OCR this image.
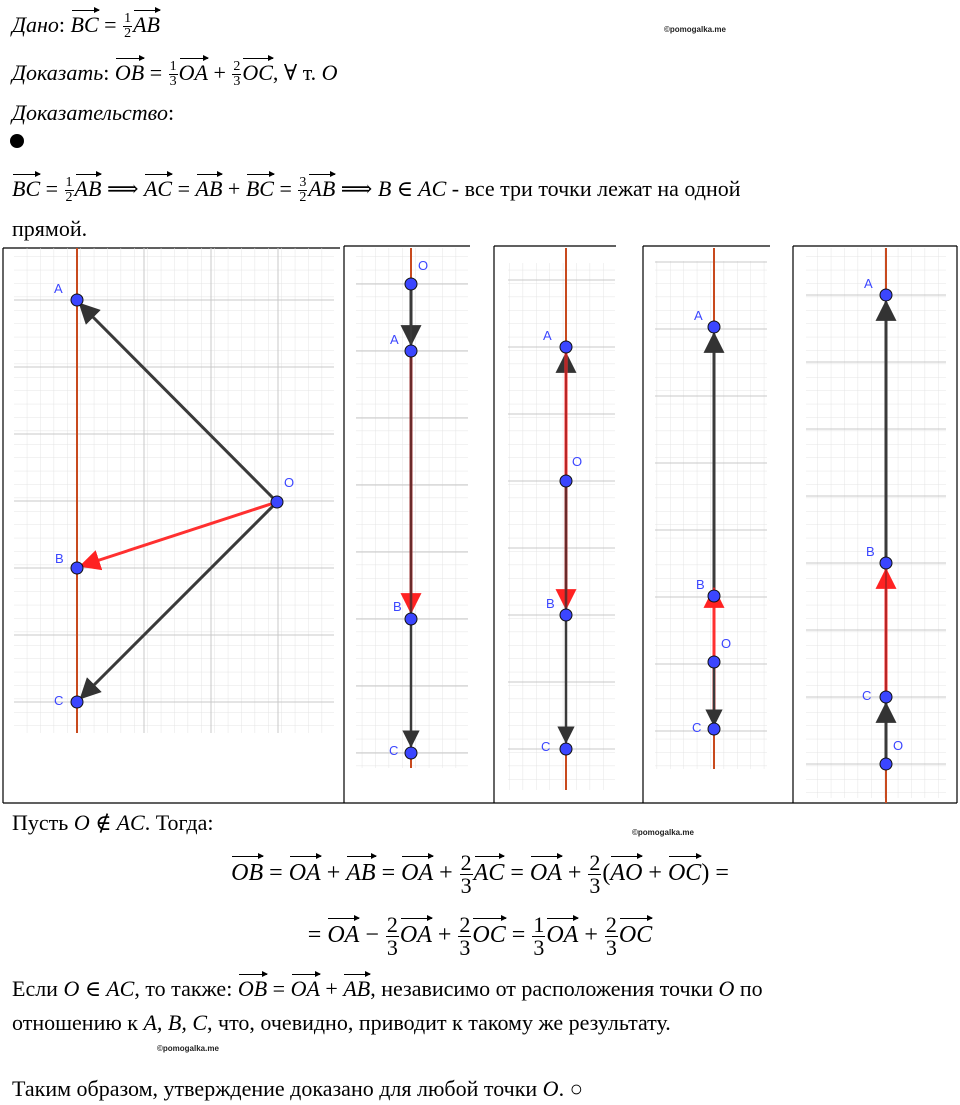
Дано: BC = $\frac{1}{2}$ AB	©pomogalka.me
Доказать: OB = $\frac{1}{3}$ OA + $\frac{2}{3}$ OC, ∀ т. O
Доказательство:
BC = $\frac{1}{2}$ AB ⟹ AC = AB + BC = $\frac{3}{2}$ AB ⟹ B ∈ AC - все три точки лежат на одной
прямой.
A
O
B
C
O
A
B
C
A
O
B
C
A
B
O
C
A
B
C
O
Пусть O ∉ AC. Тогда:	©pomogalka.me
OB = OA + AB = OA + $\frac{2}{3}$ AC = OA + $\frac{2}{3} (AO + OC)$ =
= OA − $\frac{2}{3}$ OA + $\frac{2}{3}$ OC = $\frac{1}{3}$ OA + $\frac{2}{3}$ OC
Если O ∈ AC, то также: OB = OA + AB, независимо от расположения точки O по
отношению к A, B, C, что, очевидно, приводит к такому же результату.
©pomogalka.me
Таким образом, утверждение доказано для любой точки O. ○
